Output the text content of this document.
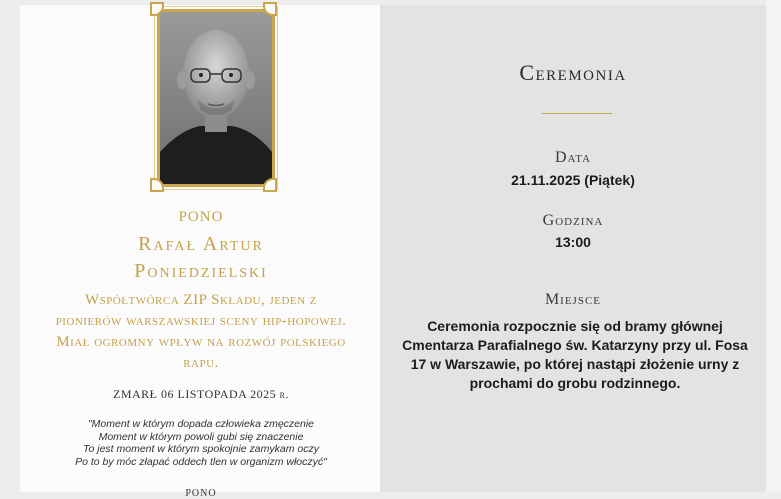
PONO
Rafał Artur
Poniedzielski
Współtwórca ZIP Składu, jeden z pionierów warszawskiej sceny hip-hopowej. Miał ogromny wpływ na rozwój polskiego rapu.
ZMARŁ 06 LISTOPADA 2025 r.
"Moment w którym dopada człowieka zmęczenie
Moment w którym powoli gubi się znaczenie
To jest moment w którym spokojnie zamykam oczy
Po to by móc złapać oddech tlen w organizm włoczyć"
PONO
Ceremonia
Data
21.11.2025 (Piątek)
Godzina
13:00
Miejsce
Ceremonia rozpocznie się od bramy głównej Cmentarza Parafialnego św. Katarzyny przy ul. Fosa 17 w Warszawie, po której nastąpi złożenie urny z prochami do grobu rodzinnego.
